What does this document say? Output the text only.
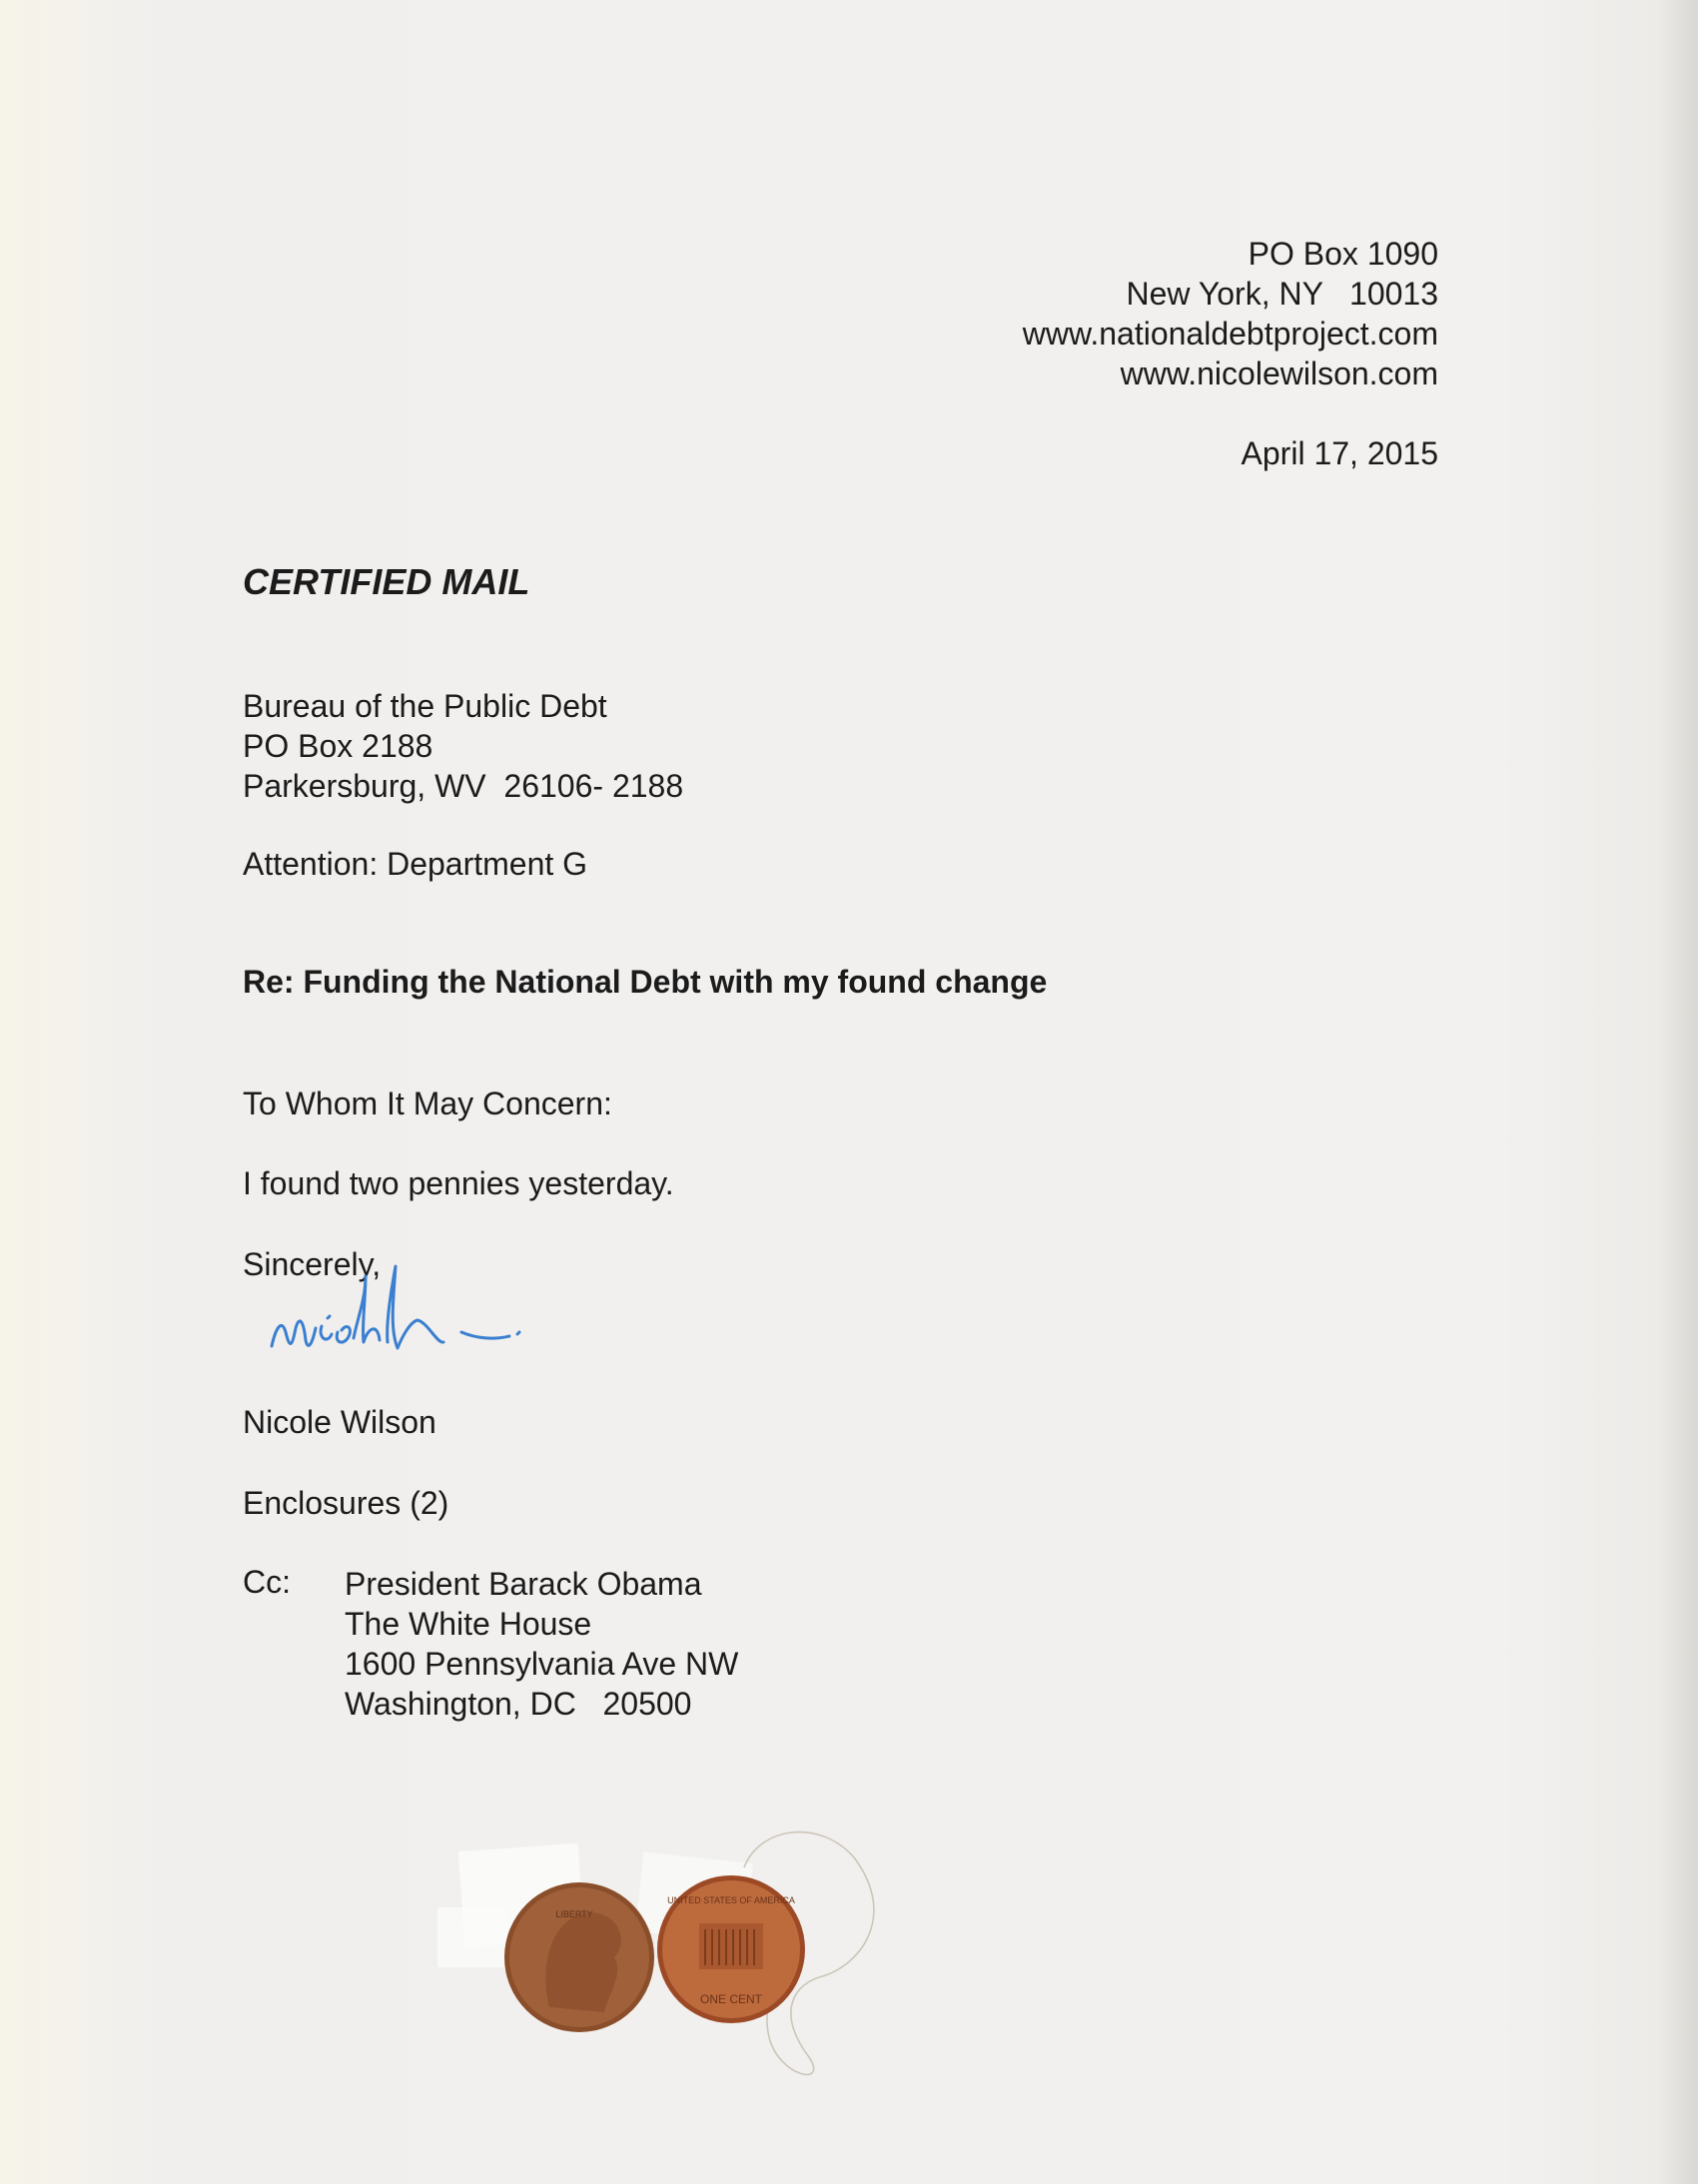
PO Box 1090
New York, NY   10013
www.nationaldebtproject.com
www.nicolewilson.com
April 17, 2015
CERTIFIED MAIL
Bureau of the Public Debt
PO Box 2188
Parkersburg, WV  26106- 2188
Attention: Department G
Re: Funding the National Debt with my found change
To Whom It May Concern:
I found two pennies yesterday.
Sincerely,
Nicole Wilson
Enclosures (2)
Cc: President Barack Obama
The White House
1600 Pennsylvania Ave NW
Washington, DC   20500
LIBERTY
UNITED STATES OF AMERICA
ONE CENT
